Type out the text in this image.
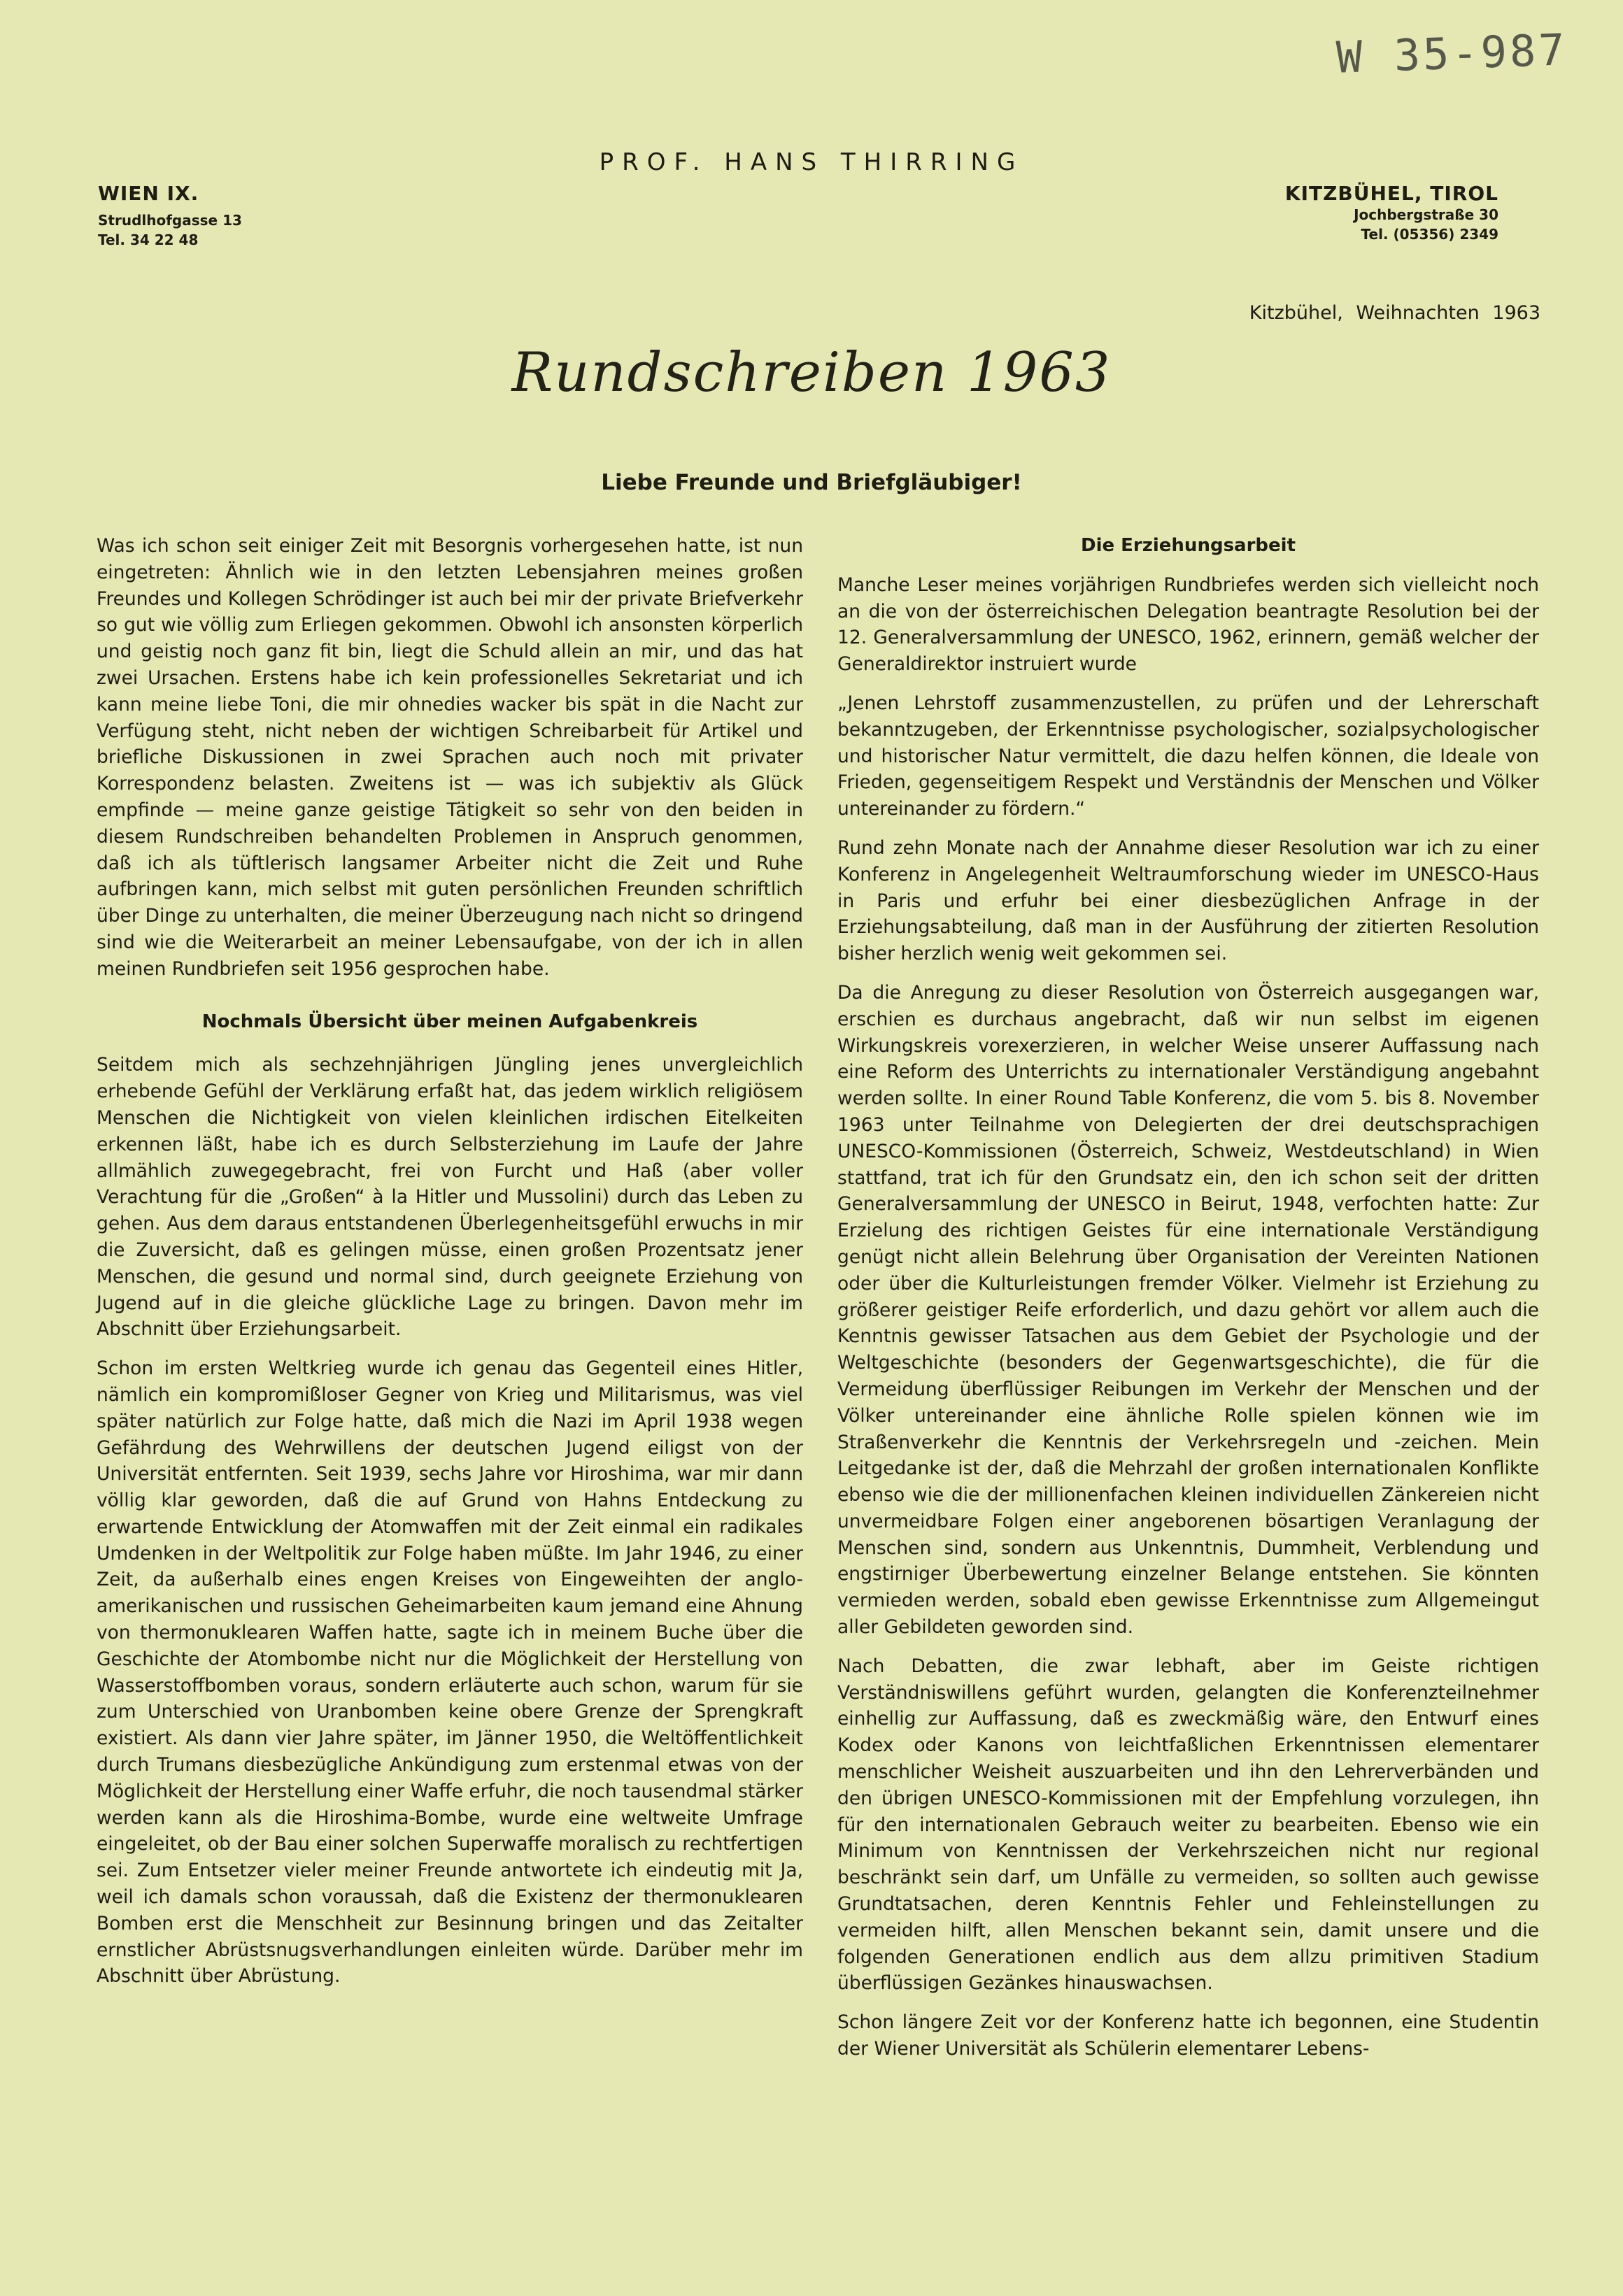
W 35-987
PROF. HANS THIRRING
WIEN IX.
Strudlhofgasse 13
Tel. 34 22 48
KITZBÜHEL, TIROL
Jochbergstraße 30
Tel. (05356) 2349
Kitzbühel, Weihnachten 1963
Rundschreiben 1963
Liebe Freunde und Briefgläubiger!

Was ich schon seit einiger Zeit mit Besorgnis vorhergesehen hatte, ist nun eingetreten: Ähnlich wie in den letzten Lebensjahren meines großen Freundes und Kollegen Schrödinger ist auch bei mir der private Briefverkehr so gut wie völlig zum Erliegen gekommen. Obwohl ich ansonsten körperlich und geistig noch ganz fit bin, liegt die Schuld allein an mir, und das hat zwei Ursachen. Erstens habe ich kein professionelles Sekretariat und ich kann meine liebe Toni, die mir ohnedies wacker bis spät in die Nacht zur Verfügung steht, nicht neben der wichtigen Schreibarbeit für Artikel und briefliche Diskussionen in zwei Sprachen auch noch mit privater Korrespondenz belasten. Zweitens ist — was ich subjektiv als Glück empfinde — meine ganze geistige Tätigkeit so sehr von den beiden in diesem Rundschreiben behandelten Problemen in Anspruch genommen, daß ich als tüftlerisch langsamer Arbeiter nicht die Zeit und Ruhe aufbringen kann, mich selbst mit guten persönlichen Freunden schriftlich über Dinge zu unterhalten, die meiner Überzeugung nach nicht so dringend sind wie die Weiterarbeit an meiner Lebensaufgabe, von der ich in allen meinen Rundbriefen seit 1956 gesprochen habe.

Nochmals Übersicht über meinen Aufgabenkreis

Seitdem mich als sechzehnjährigen Jüngling jenes unvergleichlich erhebende Gefühl der Verklärung erfaßt hat, das jedem wirklich religiösem Menschen die Nichtigkeit von vielen kleinlichen irdischen Eitelkeiten erkennen läßt, habe ich es durch Selbsterziehung im Laufe der Jahre allmählich zuwegegebracht, frei von Furcht und Haß (aber voller Verachtung für die „Großen“ à la Hitler und Mussolini) durch das Leben zu gehen. Aus dem daraus entstandenen Überlegenheitsgefühl erwuchs in mir die Zuversicht, daß es gelingen müsse, einen großen Prozentsatz jener Menschen, die gesund und normal sind, durch geeignete Erziehung von Jugend auf in die gleiche glückliche Lage zu bringen. Davon mehr im Abschnitt über Erziehungsarbeit.

Schon im ersten Weltkrieg wurde ich genau das Gegenteil eines Hitler, nämlich ein kompromißloser Gegner von Krieg und Militarismus, was viel später natürlich zur Folge hatte, daß mich die Nazi im April 1938 wegen Gefährdung des Wehrwillens der deutschen Jugend eiligst von der Universität entfernten. Seit 1939, sechs Jahre vor Hiroshima, war mir dann völlig klar geworden, daß die auf Grund von Hahns Entdeckung zu erwartende Entwicklung der Atomwaffen mit der Zeit einmal ein radikales Umdenken in der Weltpolitik zur Folge haben müßte. Im Jahr 1946, zu einer Zeit, da außerhalb eines engen Kreises von Eingeweihten der anglo-amerikanischen und russischen Geheimarbeiten kaum jemand eine Ahnung von thermonuklearen Waffen hatte, sagte ich in meinem Buche über die Geschichte der Atombombe nicht nur die Möglichkeit der Herstellung von Wasserstoffbomben voraus, sondern erläuterte auch schon, warum für sie zum Unterschied von Uranbomben keine obere Grenze der Sprengkraft existiert. Als dann vier Jahre später, im Jänner 1950, die Weltöffentlichkeit durch Trumans diesbezügliche Ankündigung zum erstenmal etwas von der Möglichkeit der Herstellung einer Waffe erfuhr, die noch tausendmal stärker werden kann als die Hiroshima-Bombe, wurde eine weltweite Umfrage eingeleitet, ob der Bau einer solchen Superwaffe moralisch zu rechtfertigen sei. Zum Entsetzer vieler meiner Freunde antwortete ich eindeutig mit Ja, weil ich damals schon voraussah, daß die Existenz der thermonuklearen Bomben erst die Menschheit zur Besinnung bringen und das Zeitalter ernstlicher Abrüstsnugsverhandlungen einleiten würde. Darüber mehr im Abschnitt über Abrüstung.

Die Erziehungsarbeit

Manche Leser meines vorjährigen Rundbriefes werden sich vielleicht noch an die von der österreichischen Delegation beantragte Resolution bei der 12. Generalversammlung der UNESCO, 1962, erinnern, gemäß welcher der Generaldirektor instruiert wurde

„Jenen Lehrstoff zusammenzustellen, zu prüfen und der Lehrerschaft bekanntzugeben, der Erkenntnisse psychologischer, sozialpsychologischer und historischer Natur vermittelt, die dazu helfen können, die Ideale von Frieden, gegenseitigem Respekt und Verständnis der Menschen und Völker untereinander zu fördern.“

Rund zehn Monate nach der Annahme dieser Resolution war ich zu einer Konferenz in Angelegenheit Weltraumforschung wieder im UNESCO-Haus in Paris und erfuhr bei einer diesbezüglichen Anfrage in der Erziehungsabteilung, daß man in der Ausführung der zitierten Resolution bisher herzlich wenig weit gekommen sei.

Da die Anregung zu dieser Resolution von Österreich ausgegangen war, erschien es durchaus angebracht, daß wir nun selbst im eigenen Wirkungskreis vorexerzieren, in welcher Weise unserer Auffassung nach eine Reform des Unterrichts zu internationaler Verständigung angebahnt werden sollte. In einer Round Table Konferenz, die vom 5. bis 8. November 1963 unter Teilnahme von Delegierten der drei deutschsprachigen UNESCO-Kommissionen (Österreich, Schweiz, Westdeutschland) in Wien stattfand, trat ich für den Grundsatz ein, den ich schon seit der dritten Generalversammlung der UNESCO in Beirut, 1948, verfochten hatte: Zur Erzielung des richtigen Geistes für eine internationale Verständigung genügt nicht allein Belehrung über Organisation der Vereinten Nationen oder über die Kulturleistungen fremder Völker. Vielmehr ist Erziehung zu größerer geistiger Reife erforderlich, und dazu gehört vor allem auch die Kenntnis gewisser Tatsachen aus dem Gebiet der Psychologie und der Weltgeschichte (besonders der Gegenwartsgeschichte), die für die Vermeidung überflüssiger Reibungen im Verkehr der Menschen und der Völker untereinander eine ähnliche Rolle spielen können wie im Straßenverkehr die Kenntnis der Verkehrsregeln und -zeichen. Mein Leitgedanke ist der, daß die Mehrzahl der großen internationalen Konflikte ebenso wie die der millionenfachen kleinen individuellen Zänkereien nicht unvermeidbare Folgen einer angeborenen bösartigen Veranlagung der Menschen sind, sondern aus Unkenntnis, Dummheit, Verblendung und engstirniger Überbewertung einzelner Belange entstehen. Sie könnten vermieden werden, sobald eben gewisse Erkenntnisse zum Allgemeingut aller Gebildeten geworden sind.

Nach Debatten, die zwar lebhaft, aber im Geiste richtigen Verständniswillens geführt wurden, gelangten die Konferenzteilnehmer einhellig zur Auffassung, daß es zweckmäßig wäre, den Entwurf eines Kodex oder Kanons von leichtfaßlichen Erkenntnissen elementarer menschlicher Weisheit auszuarbeiten und ihn den Lehrerverbänden und den übrigen UNESCO-Kommissionen mit der Empfehlung vorzulegen, ihn für den internationalen Gebrauch weiter zu bearbeiten. Ebenso wie ein Minimum von Kenntnissen der Verkehrszeichen nicht nur regional beschränkt sein darf, um Unfälle zu vermeiden, so sollten auch gewisse Grundtatsachen, deren Kenntnis Fehler und Fehleinstellungen zu vermeiden hilft, allen Menschen bekannt sein, damit unsere und die folgenden Generationen endlich aus dem allzu primitiven Stadium überflüssigen Gezänkes hinauswachsen.

Schon längere Zeit vor der Konferenz hatte ich begonnen, eine Studentin der Wiener Universität als Schülerin elementarer Lebens-
